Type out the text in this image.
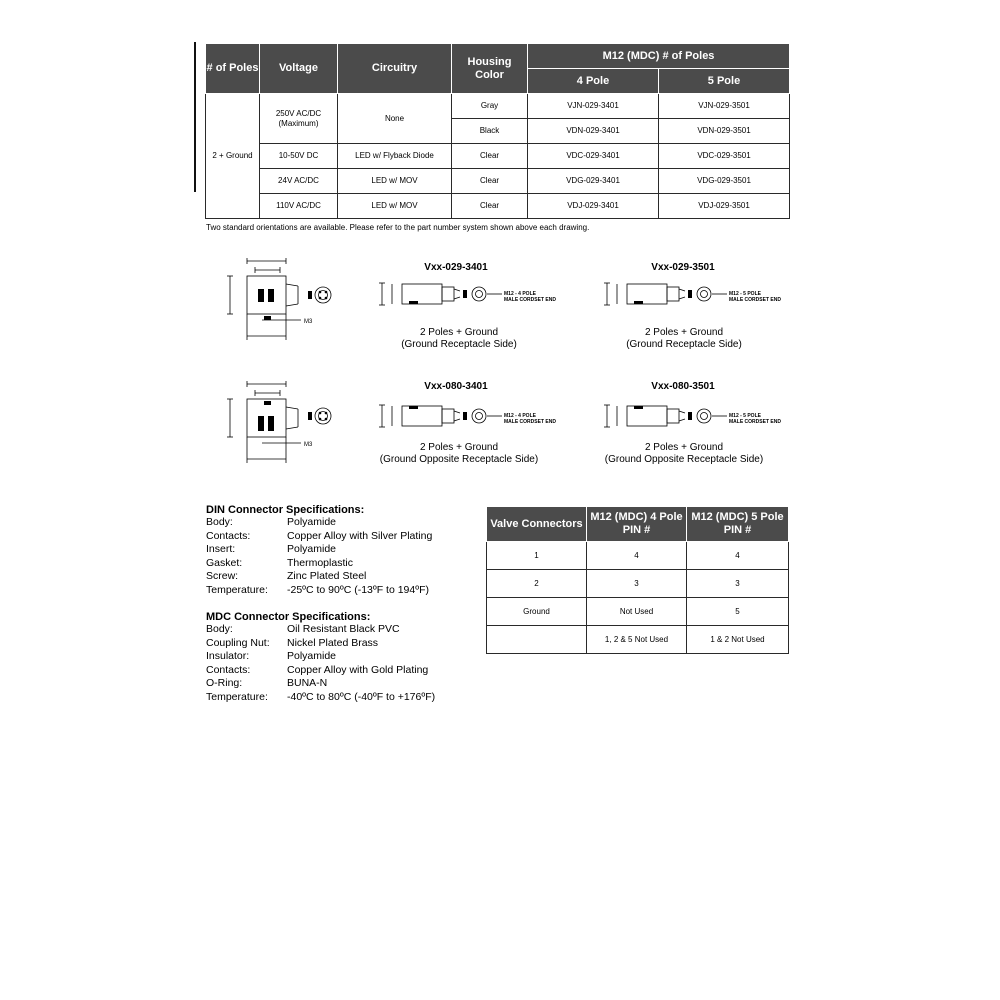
# of Poles	Voltage	Circuitry	Housing Color	M12 (MDC) # of Poles	
				4 Pole	5 Pole
2 + Ground	250V AC/DC (Maximum)	None	Gray	VJN-029-3401	VJN-029-3501
			Black	VDN-029-3401	VDN-029-3501
	10-50V DC	LED w/ Flyback Diode	Clear	VDC-029-3401	VDC-029-3501
	24V AC/DC	LED w/ MOV	Clear	VDG-029-3401	VDG-029-3501
	110V AC/DC	LED w/ MOV	Clear	VDJ-029-3401	VDJ-029-3501
Two standard orientations are available. Please refer to the part number system shown above each drawing.
M3
M3
Vxx-029-3401
M12 - 4 POLE
MALE CORDSET END
2 Poles + Ground
(Ground Receptacle Side)
Vxx-029-3501
M12 - 5 POLE
MALE CORDSET END
2 Poles + Ground
(Ground Receptacle Side)
Vxx-080-3401
M12 - 4 POLE
MALE CORDSET END
2 Poles + Ground
(Ground Opposite Receptacle Side)
Vxx-080-3501
M12 - 5 POLE
MALE CORDSET END
2 Poles + Ground
(Ground Opposite Receptacle Side)
DIN Connector Specifications:
Body:	Polyamide
Contacts:	Copper Alloy with Silver Plating
Insert:	Polyamide
Gasket:	Thermoplastic
Screw:	Zinc Plated Steel
Temperature: -25ºC to 90ºC (-13ºF to 194ºF)
MDC Connector Specifications:
Body:	Oil Resistant Black PVC
Coupling Nut: Nickel Plated Brass
Insulator:	Polyamide
Contacts:	Copper Alloy with Gold Plating
O-Ring:	BUNA-N
Temperature: -40ºC to 80ºC (-40ºF to +176ºF)
Valve Connectors	M12 (MDC) 4 Pole PIN #	M12 (MDC) 5 Pole PIN #
1	4	4
2	3	3
Ground	Not Used	5
	1, 2 & 5 Not Used	1 & 2 Not Used
